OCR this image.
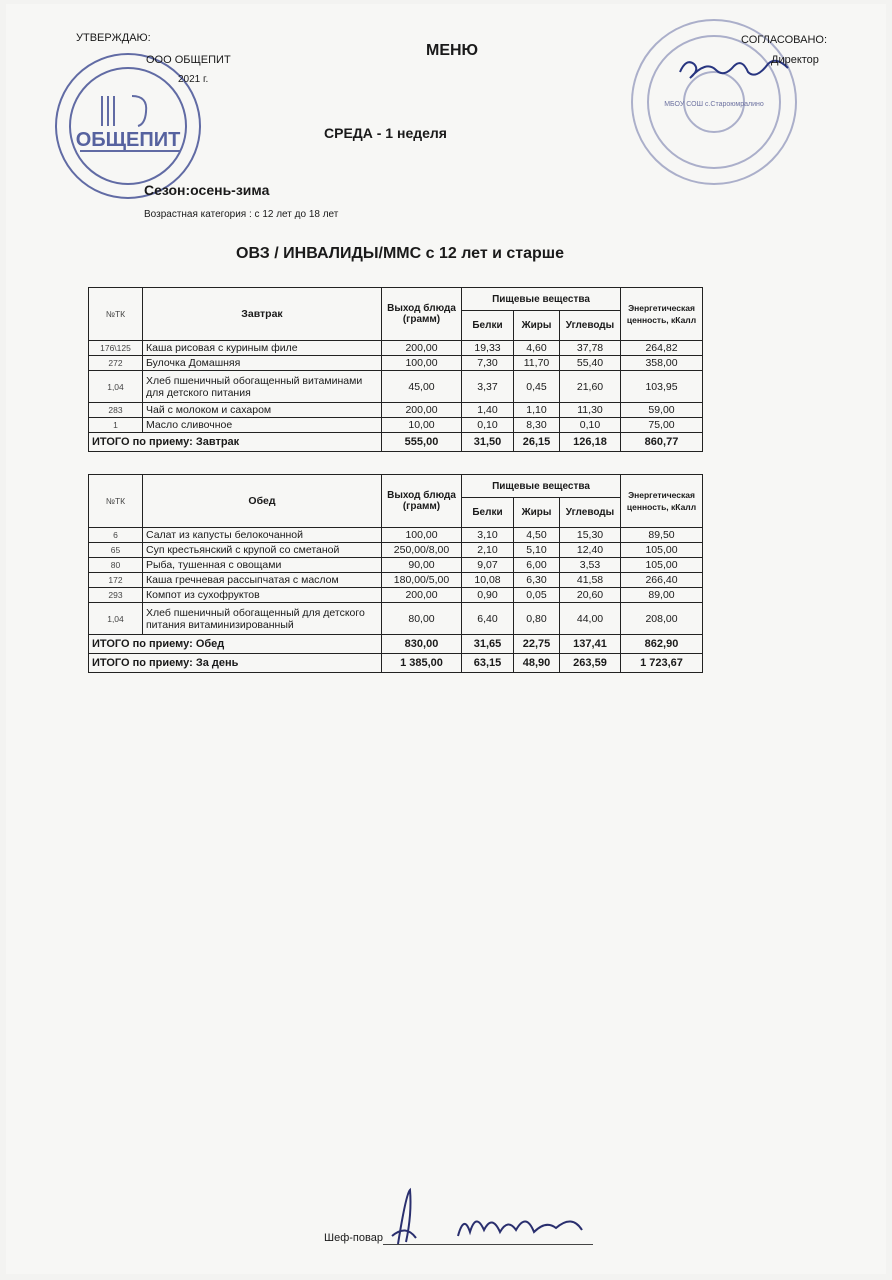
ОБЩЕПИТ
МБОУ СОШ с.Староюмралино
УТВЕРЖДАЮ:
ООО ОБЩЕПИТ
2021 г.
МЕНЮ
СОГЛАСОВАНО:
Директор
СРЕДА - 1 неделя
Сезон:осень-зима
Возрастная категория : с 12 лет до 18 лет
ОВЗ / ИНВАЛИДЫ/ММС с 12 лет и старше
№ТК	Завтрак	Выход блюда (грамм)	Пищевые вещества			Энергетическая ценность, кКалл
			Белки	Жиры	Углеводы	
176\125	Каша рисовая с куриным филе	200,00	19,33	4,60	37,78	264,82
272	Булочка Домашняя	100,00	7,30	11,70	55,40	358,00
1,04	Хлеб пшеничный обогащенный витаминами для детского питания	45,00	3,37	0,45	21,60	103,95
283	Чай с молоком и сахаром	200,00	1,40	1,10	11,30	59,00
1	Масло сливочное	10,00	0,10	8,30	0,10	75,00
ИТОГО по приему: Завтрак		555,00	31,50	26,15	126,18	860,77
№ТК	Обед	Выход блюда (грамм)	Пищевые вещества			Энергетическая ценность, кКалл
			Белки	Жиры	Углеводы	
6	Салат из капусты белокочанной	100,00	3,10	4,50	15,30	89,50
65	Суп крестьянский с крупой со сметаной	250,00/8,00	2,10	5,10	12,40	105,00
80	Рыба, тушенная с овощами	90,00	9,07	6,00	3,53	105,00
172	Каша гречневая рассыпчатая с маслом	180,00/5,00	10,08	6,30	41,58	266,40
293	Компот из сухофруктов	200,00	0,90	0,05	20,60	89,00
1,04	Хлеб пшеничный обогащенный для детского питания витаминизированный	80,00	6,40	0,80	44,00	208,00
ИТОГО по приему: Обед		830,00	31,65	22,75	137,41	862,90
ИТОГО по приему: За день		1 385,00	63,15	48,90	263,59	1 723,67
Шеф-повар
